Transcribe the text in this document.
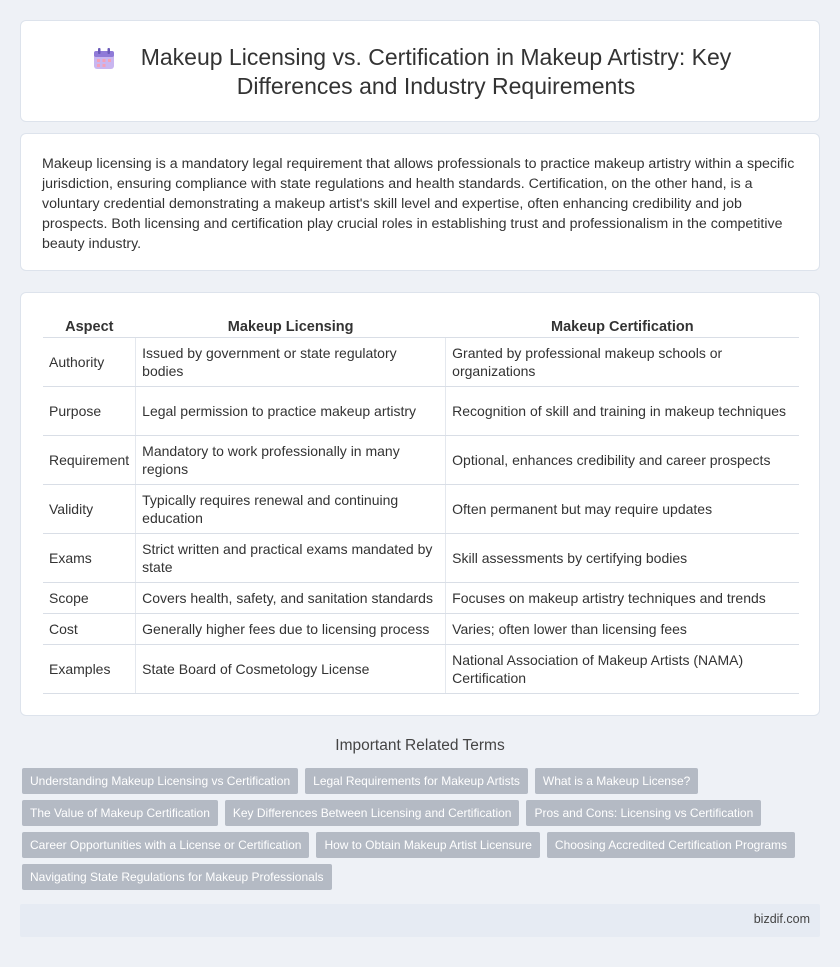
Makeup Licensing vs. Certification in Makeup Artistry: Key Differences and Industry Requirements

Makeup licensing is a mandatory legal requirement that allows professionals to practice makeup artistry within a specific jurisdiction, ensuring compliance with state regulations and health standards. Certification, on the other hand, is a voluntary credential demonstrating a makeup artist's skill level and expertise, often enhancing credibility and job prospects. Both licensing and certification play crucial roles in establishing trust and professionalism in the competitive beauty industry.

Aspect	Makeup Licensing	Makeup Certification
Authority	Issued by government or state regulatory bodies	Granted by professional makeup schools or organizations
Purpose	Legal permission to practice makeup artistry	Recognition of skill and training in makeup techniques
Requirement	Mandatory to work professionally in many regions	Optional, enhances credibility and career prospects
Validity	Typically requires renewal and continuing education	Often permanent but may require updates
Exams	Strict written and practical exams mandated by state	Skill assessments by certifying bodies
Scope	Covers health, safety, and sanitation standards	Focuses on makeup artistry techniques and trends
Cost	Generally higher fees due to licensing process	Varies; often lower than licensing fees
Examples	State Board of Cosmetology License	National Association of Makeup Artists (NAMA) Certification
Important Related Terms
Understanding Makeup Licensing vs Certification	Legal Requirements for Makeup Artists	What is a Makeup License?
The Value of Makeup Certification	Key Differences Between Licensing and Certification	Pros and Cons: Licensing vs Certification
Career Opportunities with a License or Certification	How to Obtain Makeup Artist Licensure	Choosing Accredited Certification Programs
Navigating State Regulations for Makeup Professionals
bizdif.com
